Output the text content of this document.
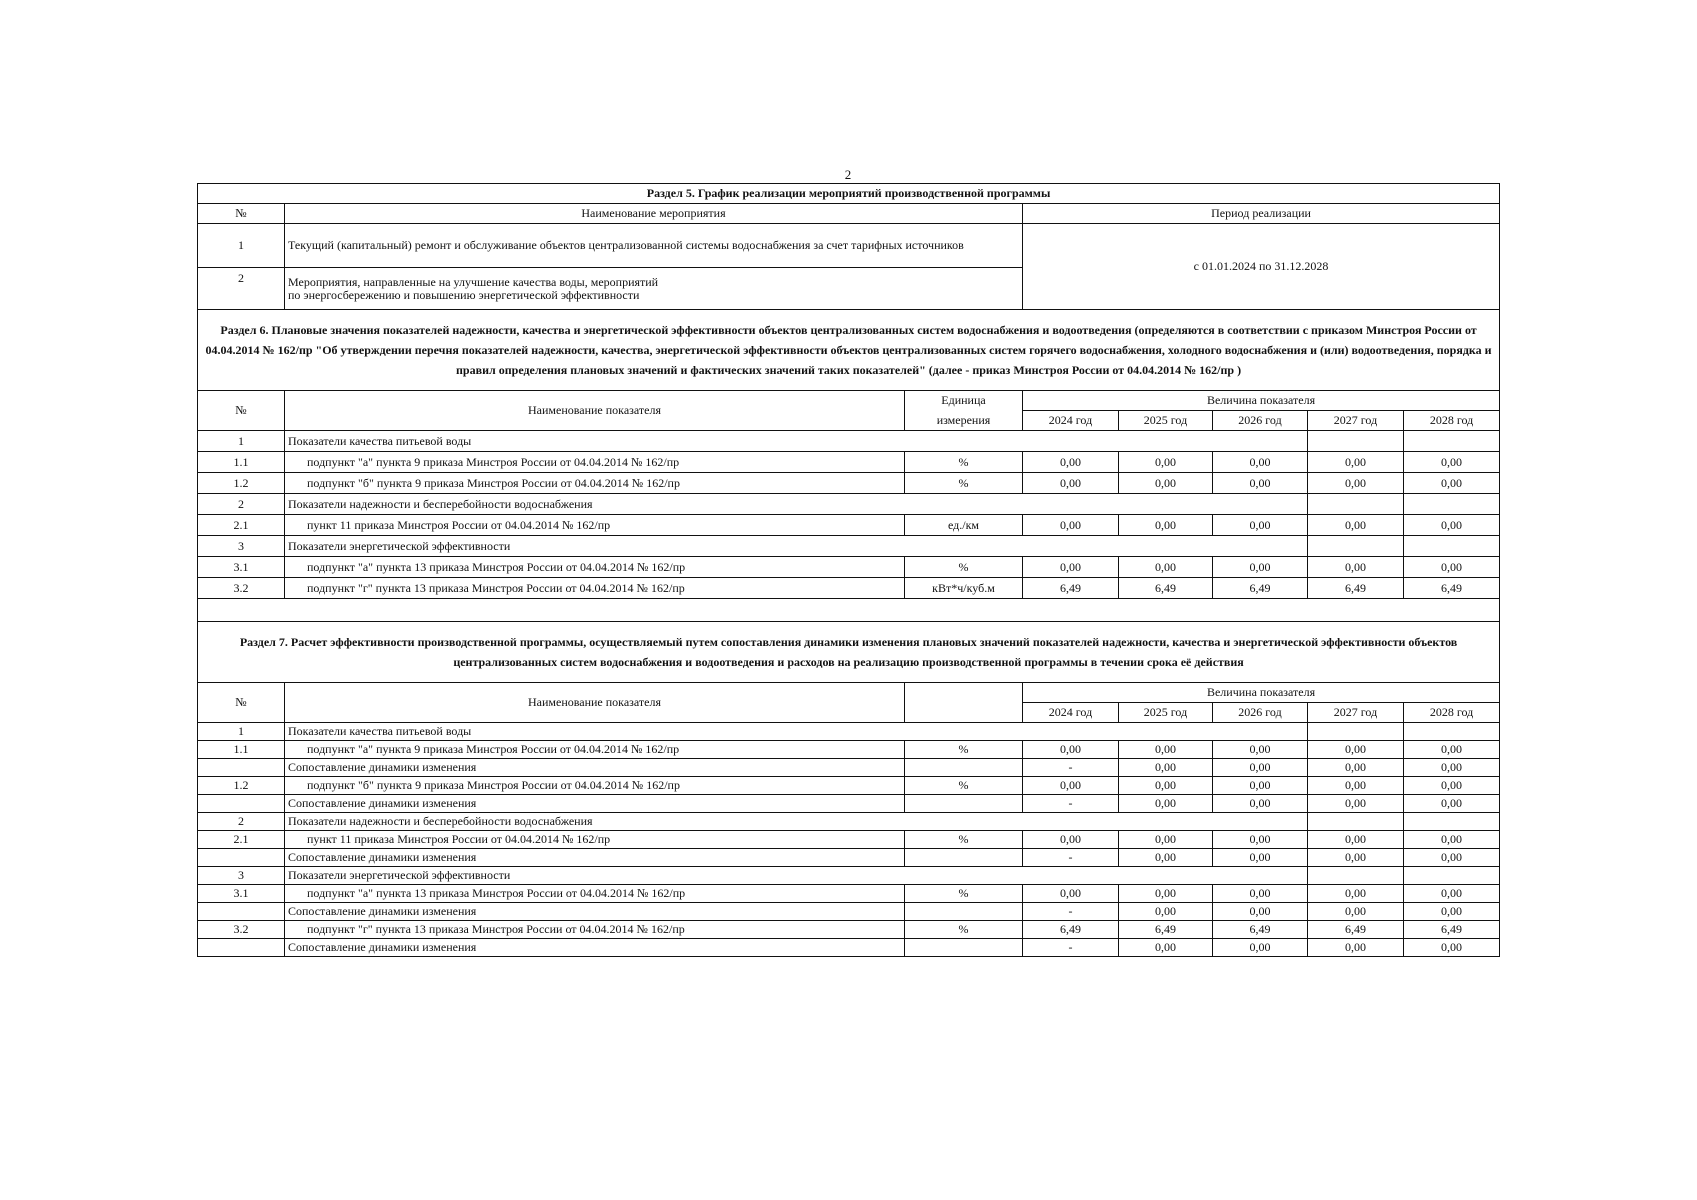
2
Раздел 5. График реализации мероприятий производственной программы							
№	Наименование мероприятия		Период реализации				
1	Текущий (капитальный) ремонт и обслуживание объектов централизованной системы водоснабжения за счет тарифных источников		с 01.01.2024 по 31.12.2028				
2	Мероприятия, направленные на улучшение качества воды, мероприятий
по энергосбережению и повышению энергетической эффективности						

Раздел 6. Плановые значения показателей надежности, качества и энергетической эффективности объектов централизованных систем водоснабжения и водоотведения (определяются в соответствии с приказом Минстроя России от 04.04.2014 № 162/пр "Об утверждении перечня показателей надежности, качества, энергетической эффективности объектов централизованных систем горячего водоснабжения, холодного водоснабжения и (или) водоотведения, порядка и правил определения плановых значений и фактических значений таких показателей" (далее - приказ Минстроя России от 04.04.2014 № 162/пр )							
№	Наименование показателя	Единица	Величина показателя				
		измерения	2024 год	2025 год	2026 год	2027 год	2028 год
1	Показатели качества питьевой воды						
1.1	подпункт "а" пункта 9 приказа Минстроя России от 04.04.2014 № 162/пр	%	0,00	0,00	0,00	0,00	0,00
1.2	подпункт "б" пункта 9 приказа Минстроя России от 04.04.2014 № 162/пр	%	0,00	0,00	0,00	0,00	0,00
2	Показатели надежности и бесперебойности водоснабжения						
2.1	пункт 11 приказа Минстроя России от 04.04.2014 № 162/пр	ед./км	0,00	0,00	0,00	0,00	0,00
3	Показатели энергетической эффективности						
3.1	подпункт "а" пункта 13 приказа Минстроя России от 04.04.2014 № 162/пр	%	0,00	0,00	0,00	0,00	0,00
3.2	подпункт "г" пункта 13 приказа Минстроя России от 04.04.2014 № 162/пр	кВт*ч/куб.м	6,49	6,49	6,49	6,49	6,49

Раздел 7. Расчет эффективности производственной программы, осуществляемый путем сопоставления динамики изменения плановых значений показателей надежности, качества и энергетической эффективности объектов централизованных систем водоснабжения и водоотведения и расходов на реализацию производственной программы в течении срока её действия							
№	Наименование показателя		Величина показателя				
			2024 год	2025 год	2026 год	2027 год	2028 год
1	Показатели качества питьевой воды						
1.1	подпункт "а" пункта 9 приказа Минстроя России от 04.04.2014 № 162/пр	%	0,00	0,00	0,00	0,00	0,00
	Сопоставление динамики изменения		-	0,00	0,00	0,00	0,00
1.2	подпункт "б" пункта 9 приказа Минстроя России от 04.04.2014 № 162/пр	%	0,00	0,00	0,00	0,00	0,00
	Сопоставление динамики изменения		-	0,00	0,00	0,00	0,00
2	Показатели надежности и бесперебойности водоснабжения						
2.1	пункт 11 приказа Минстроя России от 04.04.2014 № 162/пр	%	0,00	0,00	0,00	0,00	0,00
	Сопоставление динамики изменения		-	0,00	0,00	0,00	0,00
3	Показатели энергетической эффективности						
3.1	подпункт "а" пункта 13 приказа Минстроя России от 04.04.2014 № 162/пр	%	0,00	0,00	0,00	0,00	0,00
	Сопоставление динамики изменения		-	0,00	0,00	0,00	0,00
3.2	подпункт "г" пункта 13 приказа Минстроя России от 04.04.2014 № 162/пр	%	6,49	6,49	6,49	6,49	6,49
	Сопоставление динамики изменения		-	0,00	0,00	0,00	0,00
